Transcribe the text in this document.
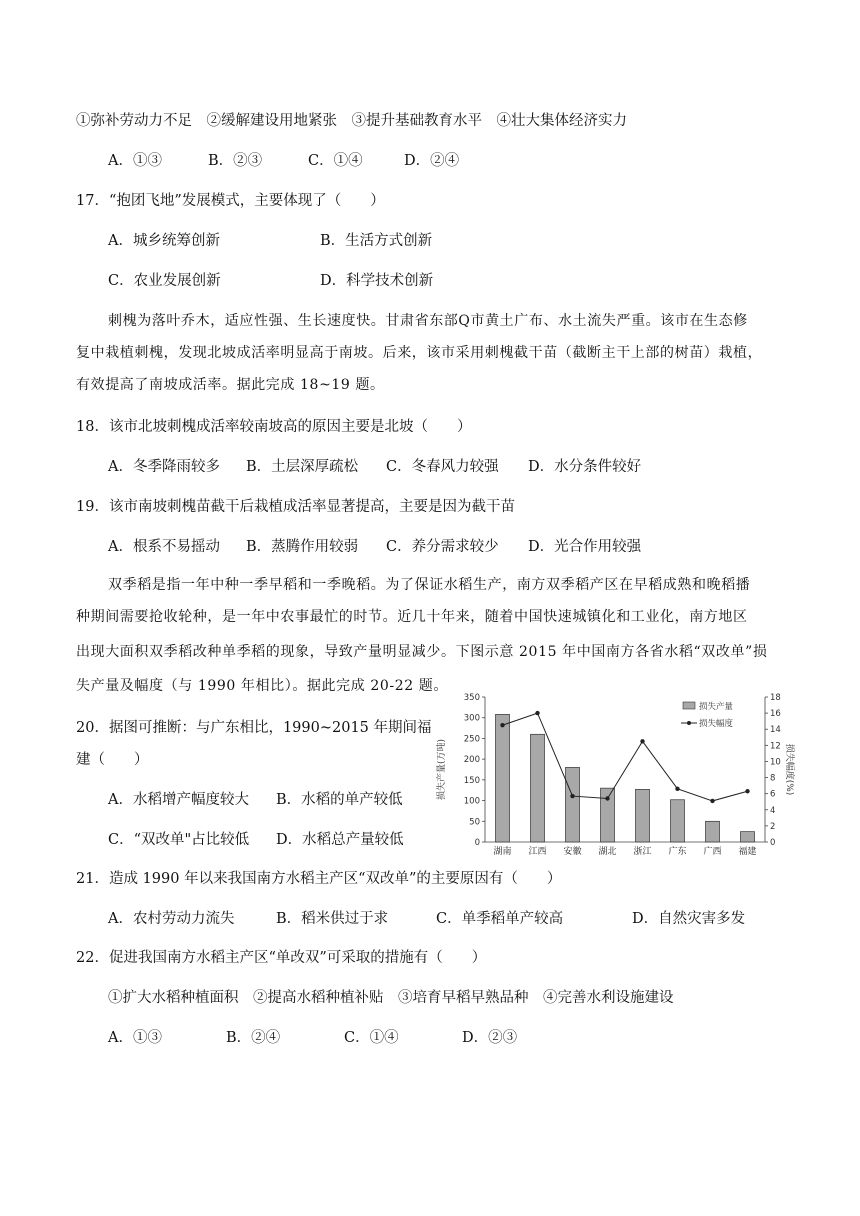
①弥补劳动力不足　②缓解建设用地紧张　③提升基础教育水平　④壮大集体经济实力
A．①③	B．②③	C．①④	D．②④
17．“抱团飞地”发展模式，主要体现了（　　）
A．城乡统筹创新	B．生活方式创新
C．农业发展创新	D．科学技术创新
刺槐为落叶乔木，适应性强、生长速度快。甘肃省东部Q市黄土广布、水土流失严重。该市在生态修
复中栽植刺槐，发现北坡成活率明显高于南坡。后来，该市采用刺槐截干苗（截断主干上部的树苗）栽植，
有效提高了南坡成活率。据此完成 18~19 题。
18．该市北坡刺槐成活率较南坡高的原因主要是北坡（　　）
A．冬季降雨较多 B．土层深厚疏松 C．冬春风力较强 D．水分条件较好
19．该市南坡刺槐苗截干后栽植成活率显著提高，主要是因为截干苗
A．根系不易摇动 B．蒸腾作用较弱 C．养分需求较少 D．光合作用较强
双季稻是指一年中种一季早稻和一季晚稻。为了保证水稻生产，南方双季稻产区在早稻成熟和晚稻播
种期间需要抢收轮种，是一年中农事最忙的时节。近几十年来，随着中国快速城镇化和工业化，南方地区
出现大面积双季稻改种单季稻的现象，导致产量明显减少。下图示意 2015 年中国南方各省水稻“双改单”损
失产量及幅度（与 1990 年相比）。据此完成 20-22 题。
20．据图可推断：与广东相比，1990~2015 年期间福
建（　　）
A．水稻增产幅度较大 B．水稻的单产较低
C．“双改单"占比较低 D．水稻总产量较低
21．造成 1990 年以来我国南方水稻主产区“双改单”的主要原因有（　　）
A．农村劳动力流失	B．稻米供过于求	C．单季稻单产较高	D．自然灾害多发
22．促进我国南方水稻主产区“单改双”可采取的措施有（　　）
①扩大水稻种植面积　②提高水稻种植补贴　③培育早稻早熟品种　④完善水利设施建设
A．①③	B．②④	C．①④	D．②③
0
50
100
150
200
250
300
350
0
2
4
6
8
10
12
14
16
18
湖南 江西 安徽 湖北 浙江 广东 广西 福建
损失产量(万吨)	损失幅度(%)
损失产量
损失幅度
